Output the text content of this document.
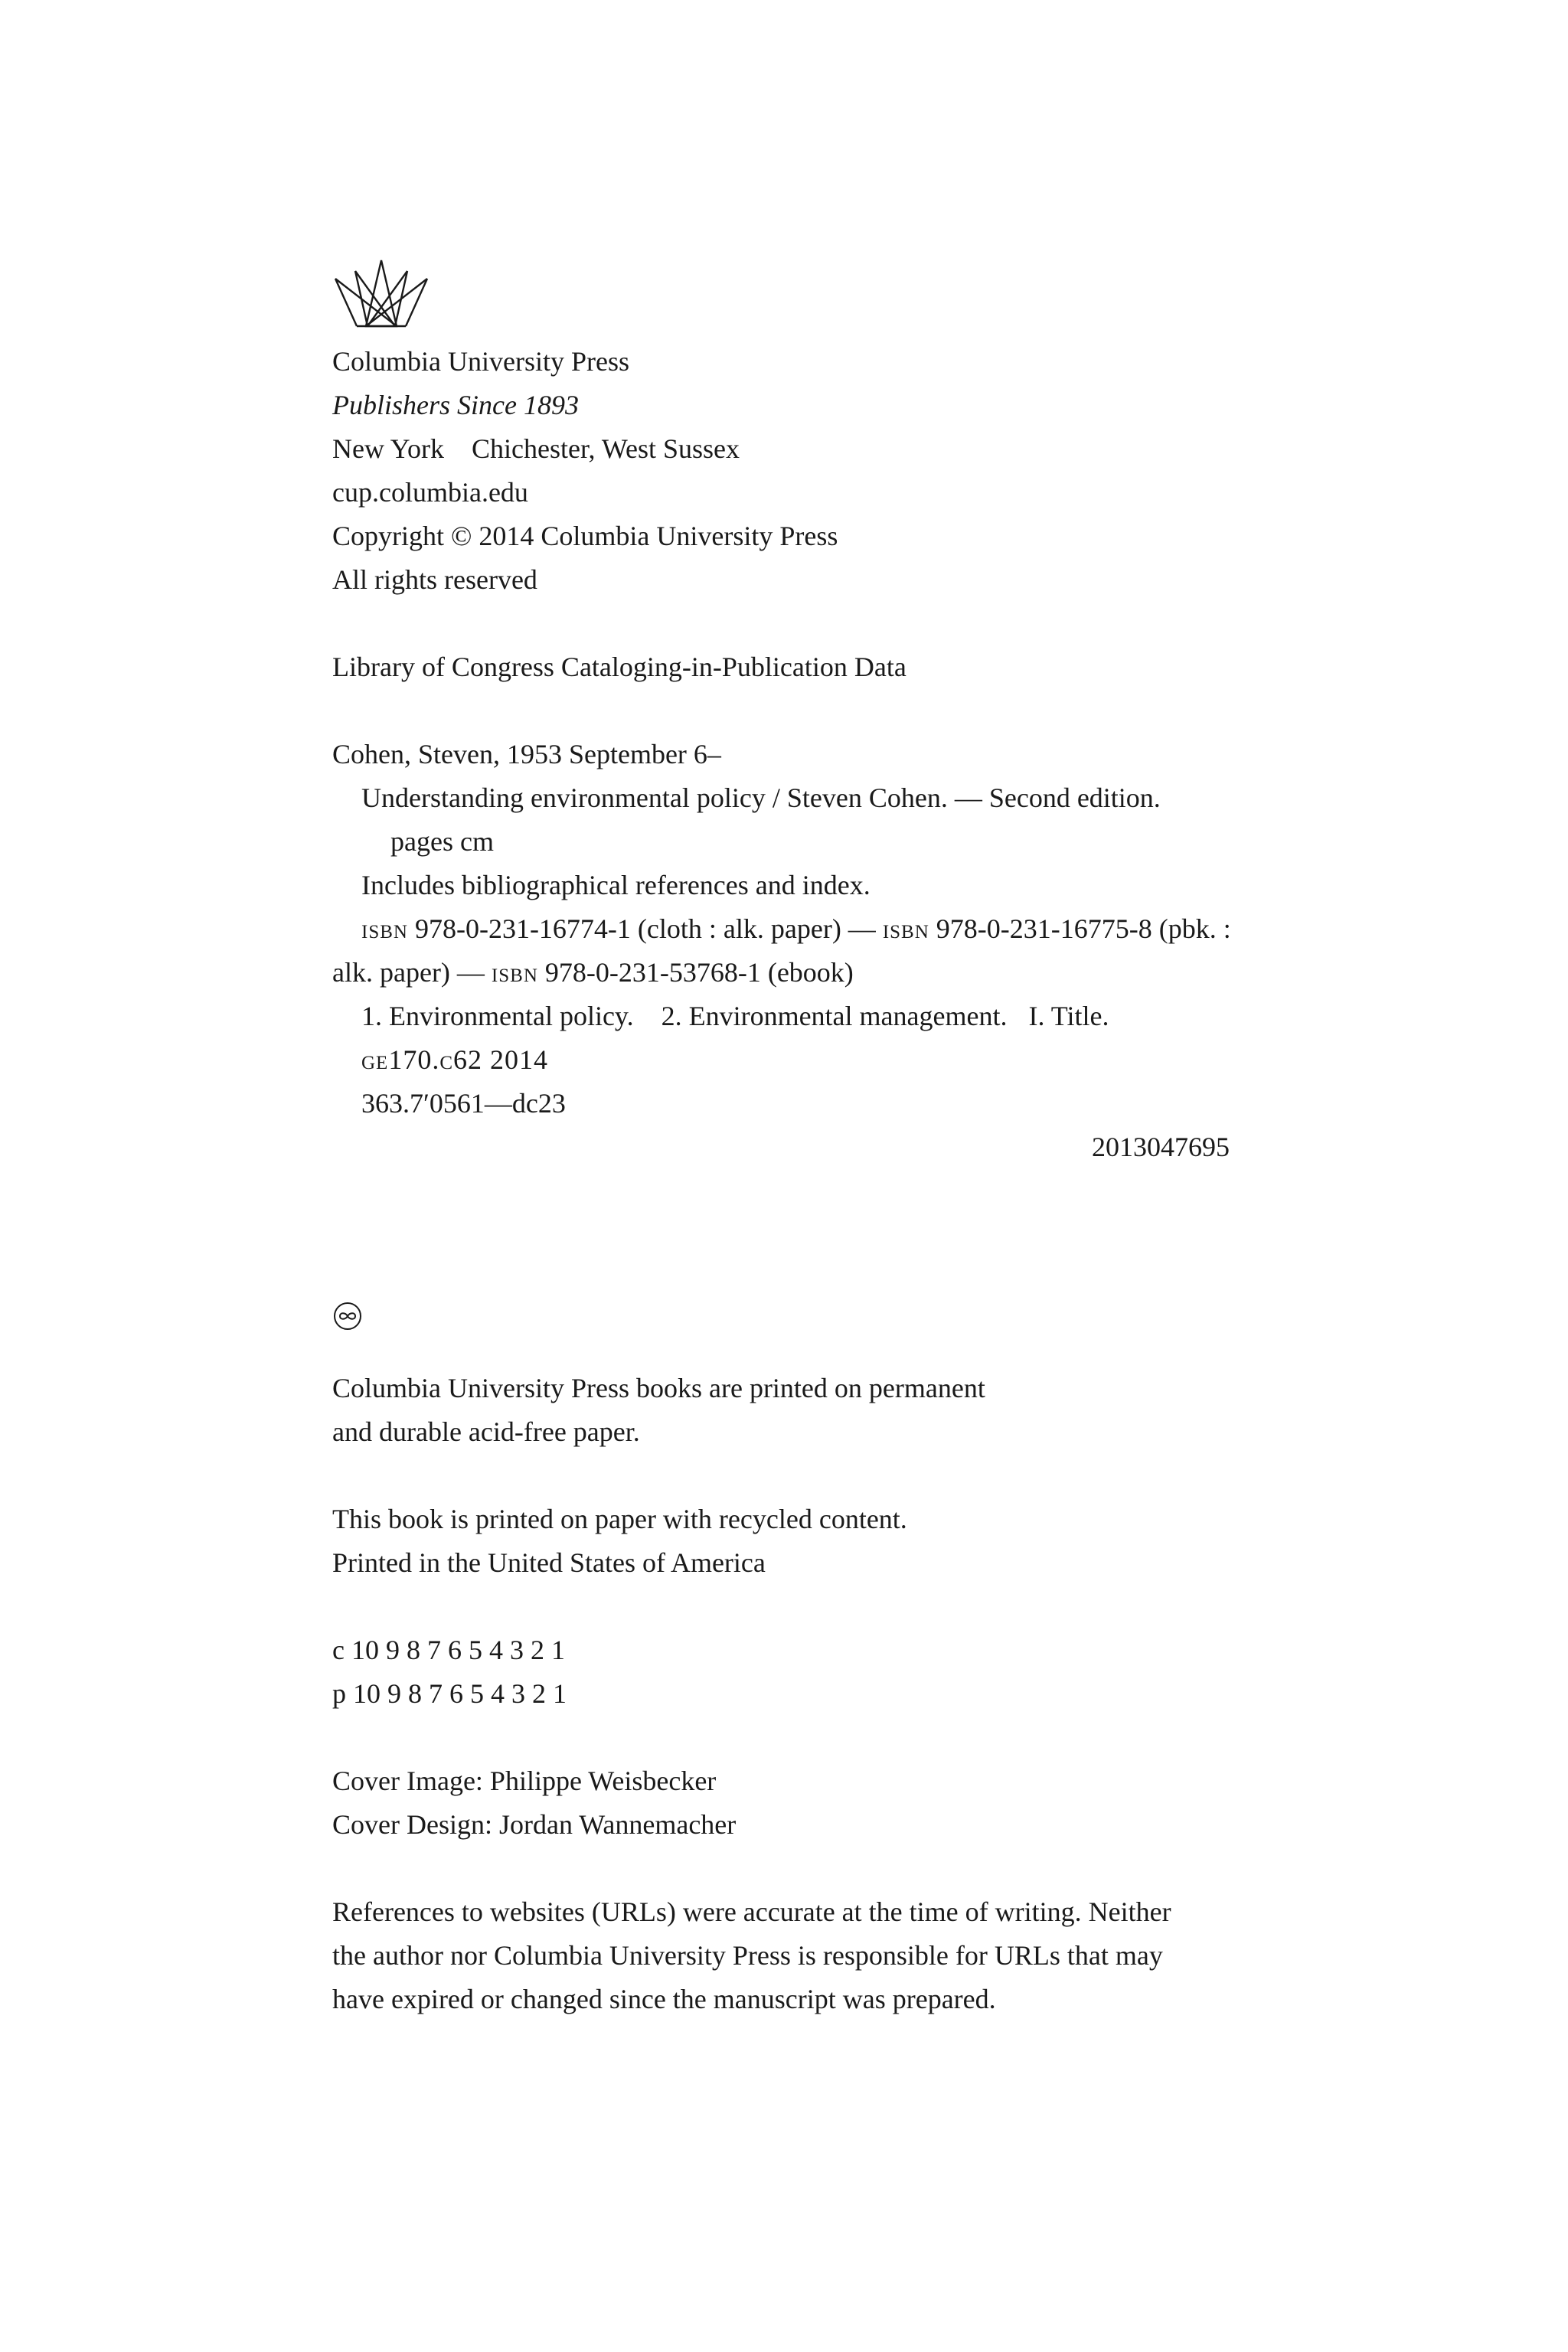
Columbia University Press
Publishers Since 1893
New York Chichester, West Sussex
cup.columbia.edu
Copyright © 2014 Columbia University Press
All rights reserved
Library of Congress Cataloging-in-Publication Data
Cohen, Steven, 1953 September 6–
Understanding environmental policy / Steven Cohen. — Second edition.
pages cm
Includes bibliographical references and index.
isbn 978-0-231-16774-1 (cloth : alk. paper) — isbn 978-0-231-16775-8 (pbk. :
alk. paper) — isbn 978-0-231-53768-1 (ebook)
1. Environmental policy. 2. Environmental management. I. Title.
ge170.c62 2014
363.7′0561—dc23
2013047695
Columbia University Press books are printed on permanent
and durable acid-free paper.
This book is printed on paper with recycled content.
Printed in the United States of America
c 10 9 8 7 6 5 4 3 2 1
p 10 9 8 7 6 5 4 3 2 1
Cover Image: Philippe Weisbecker
Cover Design: Jordan Wannemacher
References to websites (URLs) were accurate at the time of writing. Neither
the author nor Columbia University Press is responsible for URLs that may
have expired or changed since the manuscript was prepared.
